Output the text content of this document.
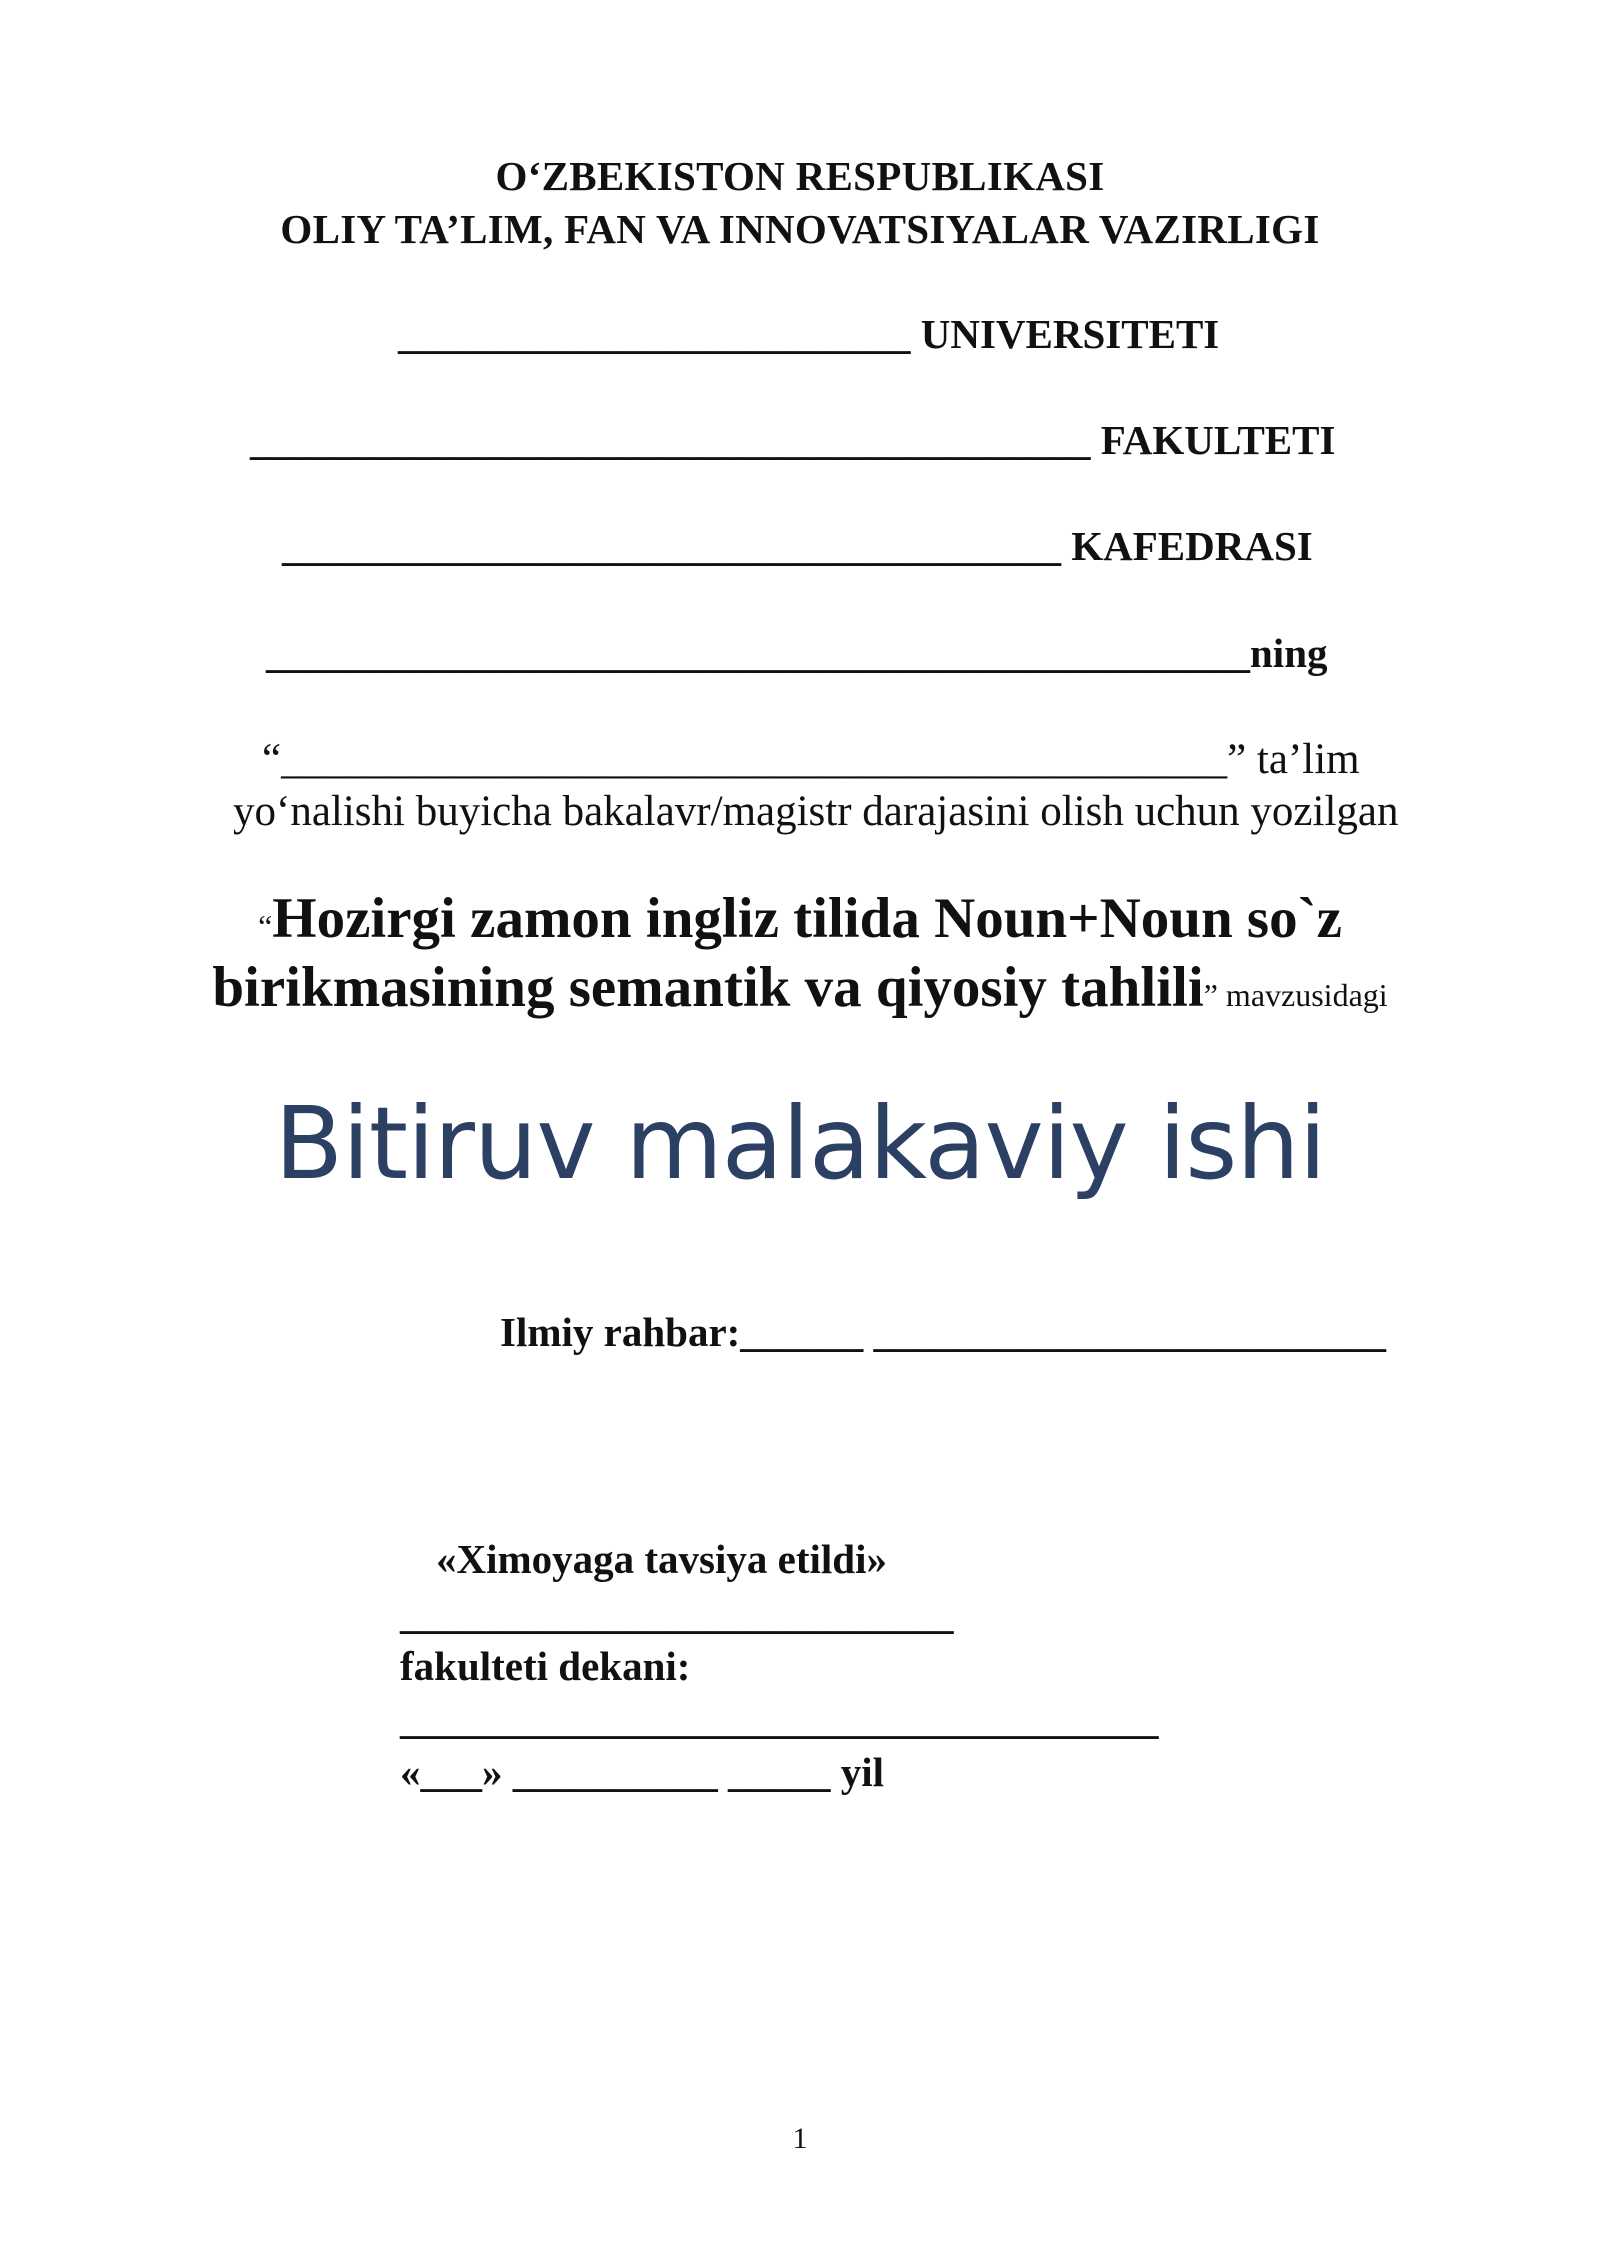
O‘ZBEKISTON RESPUBLIKASI
OLIY TA’LIM, FAN VA INNOVATSIYALAR VAZIRLIGI
_________________________ UNIVERSITETI
_________________________________________ FAKULTETI
______________________________________ KAFEDRASI
________________________________________________ning
“____________________________________________” ta’lim
yo‘nalishi buyicha bakalavr/magistr darajasini olish uchun yozilgan
“Hozirgi zamon ingliz tilida Noun+Noun so`z
birikmasining semantik va qiyosiy tahlili” mavzusidagi
Bitiruv malakaviy ishi
Ilmiy rahbar:______ _________________________
«Ximoyaga tavsiya etildi»
___________________________
fakulteti dekani:
_____________________________________
«___» __________ _____ yil
1
